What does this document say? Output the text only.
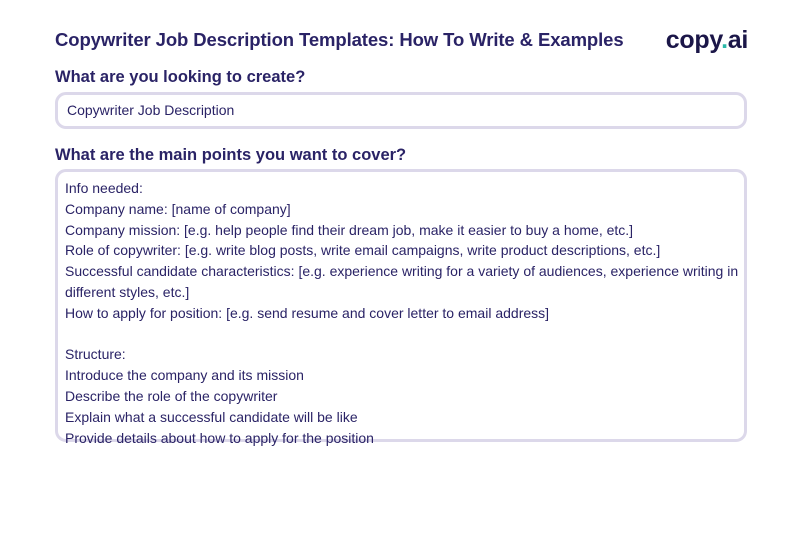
Copywriter Job Description Templates: How To Write & Examples copy.ai
What are you looking to create?
Copywriter Job Description
What are the main points you want to cover?
Info needed:
Company name: [name of company]
Company mission: [e.g. help people find their dream job, make it easier to buy a home, etc.]
Role of copywriter: [e.g. write blog posts, write email campaigns, write product descriptions, etc.]
Successful candidate characteristics: [e.g. experience writing for a variety of audiences, experience writing in
different styles, etc.]
How to apply for position: [e.g. send resume and cover letter to email address]
Structure:
Introduce the company and its mission
Describe the role of the copywriter
Explain what a successful candidate will be like
Provide details about how to apply for the position
